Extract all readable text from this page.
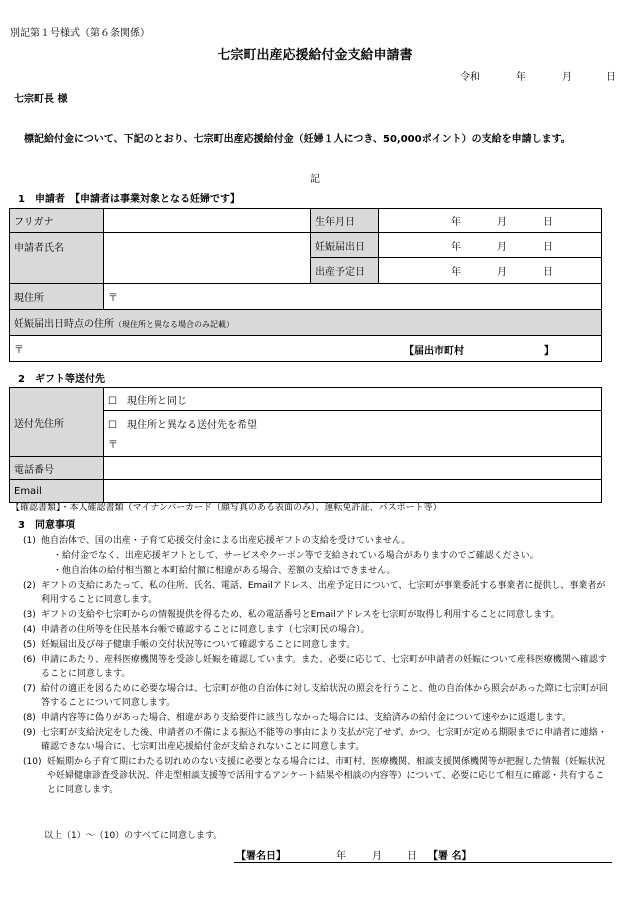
別記第１号様式（第６条関係）
七宗町出産応援給付金支給申請書
令和	年	月	日
七宗町長 様
標記給付金について、下記のとおり、七宗町出産応援給付金（妊婦１人につき、50,000ポイント）の支給を申請します。
記
1　申請者　【申請者は事業対象となる妊婦です】
フリガナ		生年月日	年 月 日

申請者氏名		妊娠届出日	年 月 日

		出産予定日	年 月 日

現住所	〒		
妊娠届出日時点の住所（現住所と異なる場合のみ記載）			
〒 【届出市町村　　　　　　　　】			
2　ギフト等送付先
送付先住所	☐　現住所と同じ

	☐　現住所と異なる送付先を希望
〒

電話番号	
Email	
【確認書類】・本人確認書類（マイナンバーカード（顔写真のある表面のみ）、運転免許証、パスポート等）
3　同意事項
(1) 他自治体で、国の出産・子育て応援交付金による出産応援ギフトの支給を受けていません。
・給付金でなく、出産応援ギフトとして、サービスやクーポン等で支給されている場合がありますのでご確認ください。
・他自治体の給付相当額と本町給付額に相違がある場合、差額の支給はできません。
(2) ギフトの支給にあたって、私の住所、氏名、電話、Emailアドレス、出産予定日について、七宗町が事業委託する事業者に提供し、事業者が利用することに同意します。
(3) ギフトの支給や七宗町からの情報提供を得るため、私の電話番号とEmailアドレスを七宗町が取得し利用することに同意します。
(4) 申請者の住所等を住民基本台帳で確認することに同意します（七宗町民の場合）。
(5) 妊娠届出及び母子健康手帳の交付状況等について確認することに同意します。
(6) 申請にあたり、産科医療機関等を受診し妊娠を確認しています。また、必要に応じて、七宗町が申請者の妊娠について産科医療機関へ確認することに同意します。
(7) 給付の適正を図るために必要な場合は、七宗町が他の自治体に対し支給状況の照会を行うこと、他の自治体から照会があった際に七宗町が回答することについて同意します。
(8) 申請内容等に偽りがあった場合、相違があり支給要件に該当しなかった場合には、支給済みの給付金について速やかに返還します。
(9) 七宗町が支給決定をした後、申請者の不備による振込不能等の事由により支払が完了せず、かつ、七宗町が定める期限までに申請者に連絡・確認できない場合に、七宗町出産応援給付金が支給されないことに同意します。
(10) 妊娠期から子育て期にわたる切れめのない支援に必要となる場合には、市町村、医療機関、相談支援関係機関等が把握した情報（妊娠状況や妊婦健康診査受診状況、伴走型相談支援等で活用するアンケート結果や相談の内容等）について、必要に応じて相互に確認・共有することに同意します。
以上（1）～（10）のすべてに同意します。
【署名日】	年	月	日 【署 名】
